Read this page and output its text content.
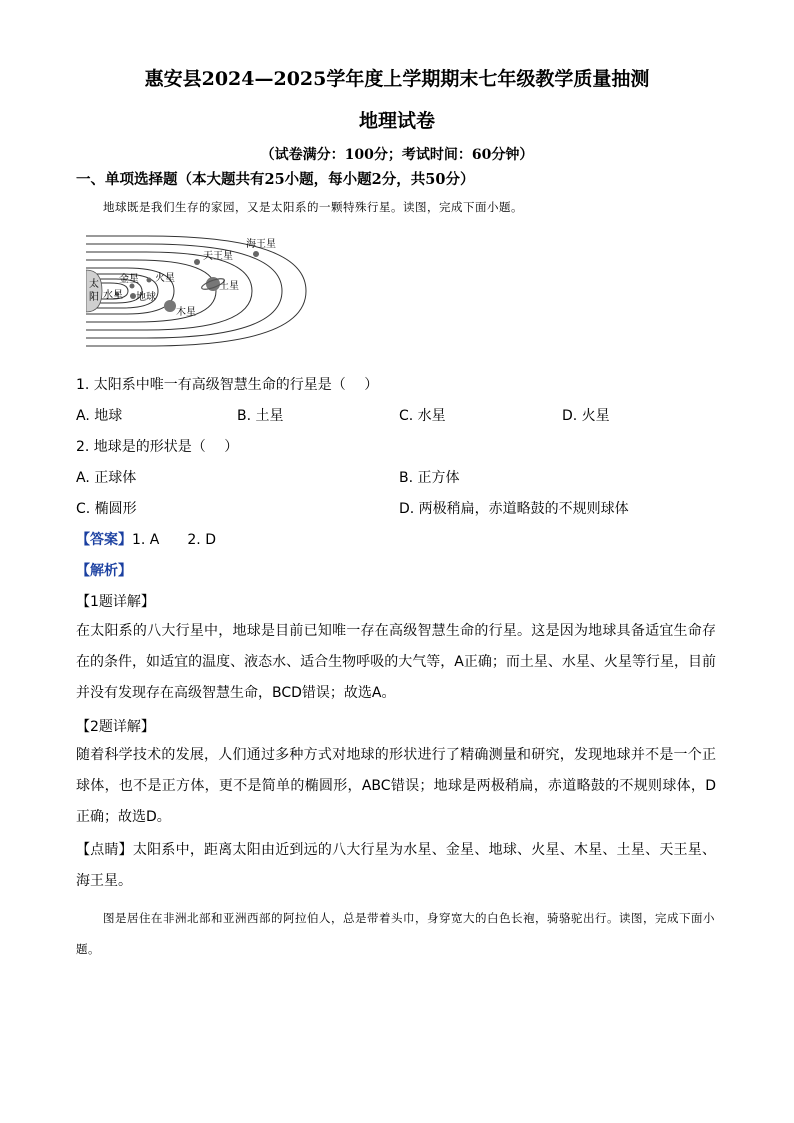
惠安县2024—2025学年度上学期期末七年级教学质量抽测
地理试卷
（试卷满分：100分；考试时间：60分钟）
一、单项选择题（本大题共有25小题，每小题2分，共50分）
地球既是我们生存的家园，又是太阳系的一颗特殊行星。读图，完成下面小题。
太
阳 水星
金星
地球
火星
木星
土星
天王星
海王星
1. 太阳系中唯一有高级智慧生命的行星是（　 ）
A. 地球	B. 土星	C. 水星	D. 火星
2. 地球是的形状是（　 ）
A. 正球体	B. 正方体
C. 椭圆形	D. 两极稍扁，赤道略鼓的不规则球体
【答案】1. A　　2. D
【解析】
【1题详解】
在太阳系的八大行星中，地球是目前已知唯一存在高级智慧生命的行星。这是因为地球具备适宜生命存在的条件，如适宜的温度、液态水、适合生物呼吸的大气等，A正确；而土星、水星、火星等行星，目前并没有发现存在高级智慧生命，BCD错误；故选A。
【2题详解】
随着科学技术的发展，人们通过多种方式对地球的形状进行了精确测量和研究，发现地球并不是一个正球体，也不是正方体，更不是简单的椭圆形，ABC错误；地球是两极稍扁，赤道略鼓的不规则球体，D正确；故选D。
【点睛】太阳系中，距离太阳由近到远的八大行星为水星、金星、地球、火星、木星、土星、天王星、海王星。
图是居住在非洲北部和亚洲西部的阿拉伯人，总是带着头巾，身穿宽大的白色长袍，骑骆驼出行。读图，完成下面小题。
